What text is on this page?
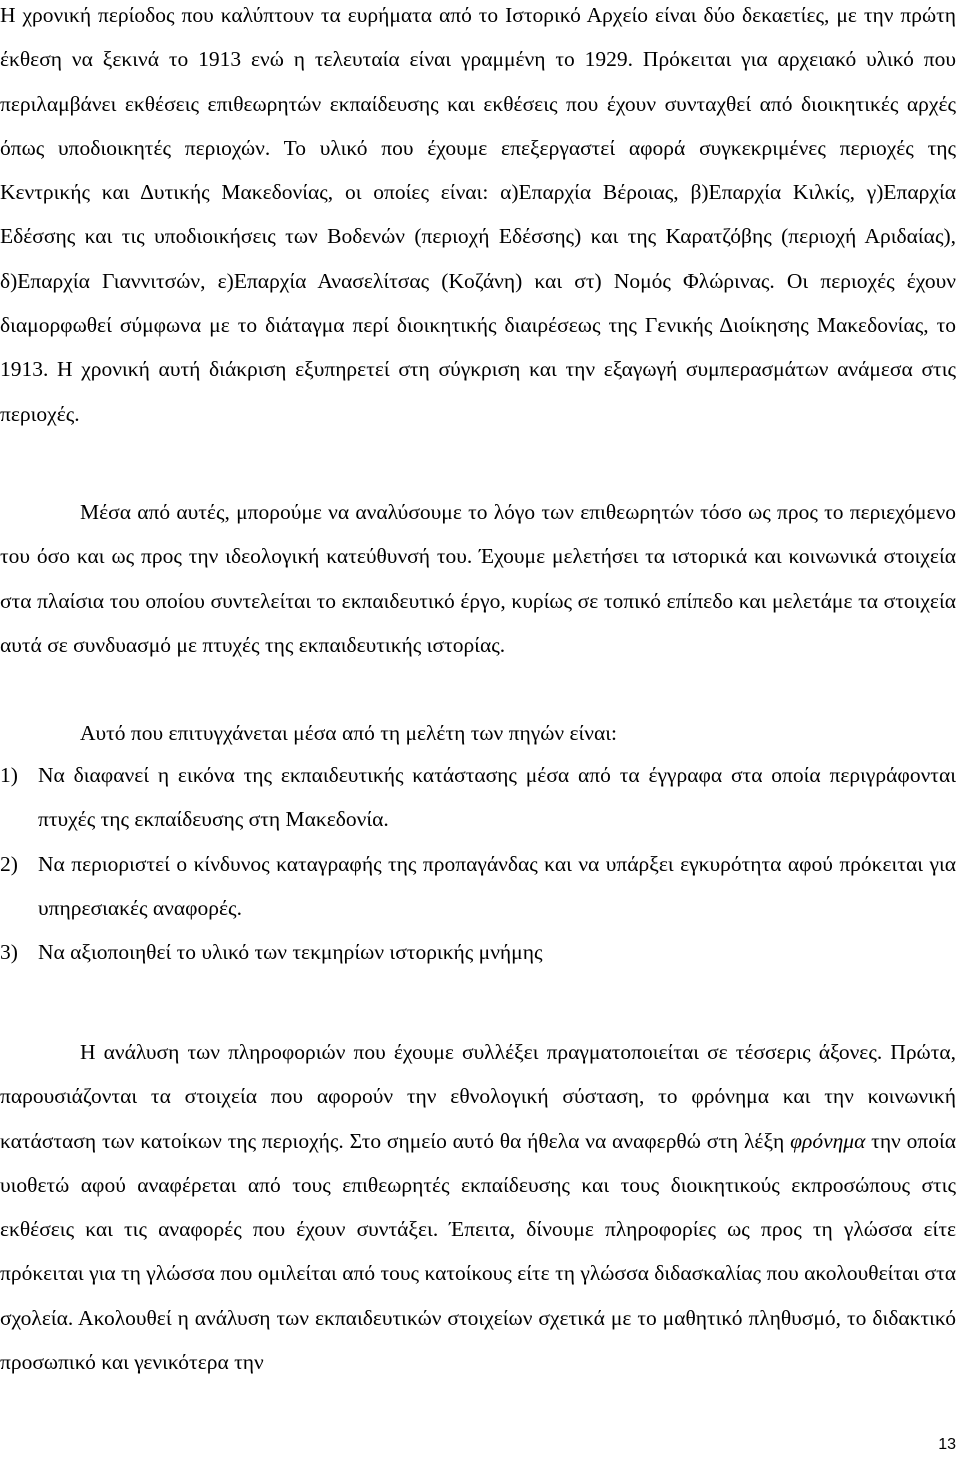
Η χρονική περίοδος που καλύπτουν τα ευρήματα από το Ιστορικό Αρχείο είναι δύο δεκαετίες, με την πρώτη έκθεση να ξεκινά το 1913 ενώ η τελευταία είναι γραμμένη το 1929. Πρόκειται για αρχειακό υλικό που περιλαμβάνει εκθέσεις επιθεωρητών εκπαίδευσης και εκθέσεις που έχουν συνταχθεί από διοικητικές αρχές όπως υποδιοικητές περιοχών. Το υλικό που έχουμε επεξεργαστεί αφορά συγκεκριμένες περιοχές της Κεντρικής και Δυτικής Μακεδονίας, οι οποίες είναι: α)Επαρχία Βέροιας, β)Επαρχία Κιλκίς, γ)Επαρχία Εδέσσης και τις υποδιοικήσεις των Βοδενών (περιοχή Εδέσσης) και της Καρατζόβης (περιοχή Αριδαίας), δ)Επαρχία Γιαννιτσών, ε)Επαρχία Ανασελίτσας (Κοζάνη) και στ) Νομός Φλώρινας. Οι περιοχές έχουν διαμορφωθεί σύμφωνα με το διάταγμα περί διοικητικής διαιρέσεως της Γενικής Διοίκησης Μακεδονίας, το 1913. Η χρονική αυτή διάκριση εξυπηρετεί στη σύγκριση και την εξαγωγή συμπερασμάτων ανάμεσα στις περιοχές.

Μέσα από αυτές, μπορούμε να αναλύσουμε το λόγο των επιθεωρητών τόσο ως προς το περιεχόμενο του όσο και ως προς την ιδεολογική κατεύθυνσή του. Έχουμε μελετήσει τα ιστορικά και κοινωνικά στοιχεία στα πλαίσια του οποίου συντελείται το εκπαιδευτικό έργο, κυρίως σε τοπικό επίπεδο και μελετάμε τα στοιχεία αυτά σε συνδυασμό με πτυχές της εκπαιδευτικής ιστορίας.

Αυτό που επιτυγχάνεται μέσα από τη μελέτη των πηγών είναι:

1) Να διαφανεί η εικόνα της εκπαιδευτικής κατάστασης μέσα από τα έγγραφα στα οποία περιγράφονται πτυχές της εκπαίδευσης στη Μακεδονία.
2) Να περιοριστεί ο κίνδυνος καταγραφής της προπαγάνδας και να υπάρξει εγκυρότητα αφού πρόκειται για υπηρεσιακές αναφορές.
3) Να αξιοποιηθεί το υλικό των τεκμηρίων ιστορικής μνήμης

Η ανάλυση των πληροφοριών που έχουμε συλλέξει πραγματοποιείται σε τέσσερις άξονες. Πρώτα, παρουσιάζονται τα στοιχεία που αφορούν την εθνολογική σύσταση, το φρόνημα και την κοινωνική κατάσταση των κατοίκων της περιοχής. Στο σημείο αυτό θα ήθελα να αναφερθώ στη λέξη φρόνημα την οποία υιοθετώ αφού αναφέρεται από τους επιθεωρητές εκπαίδευσης και τους διοικητικούς εκπροσώπους στις εκθέσεις και τις αναφορές που έχουν συντάξει. Έπειτα, δίνουμε πληροφορίες ως προς τη γλώσσα είτε πρόκειται για τη γλώσσα που ομιλείται από τους κατοίκους είτε τη γλώσσα διδασκαλίας που ακολουθείται στα σχολεία. Ακολουθεί η ανάλυση των εκπαιδευτικών στοιχείων σχετικά με το μαθητικό πληθυσμό, το διδακτικό προσωπικό και γενικότερα την

13
